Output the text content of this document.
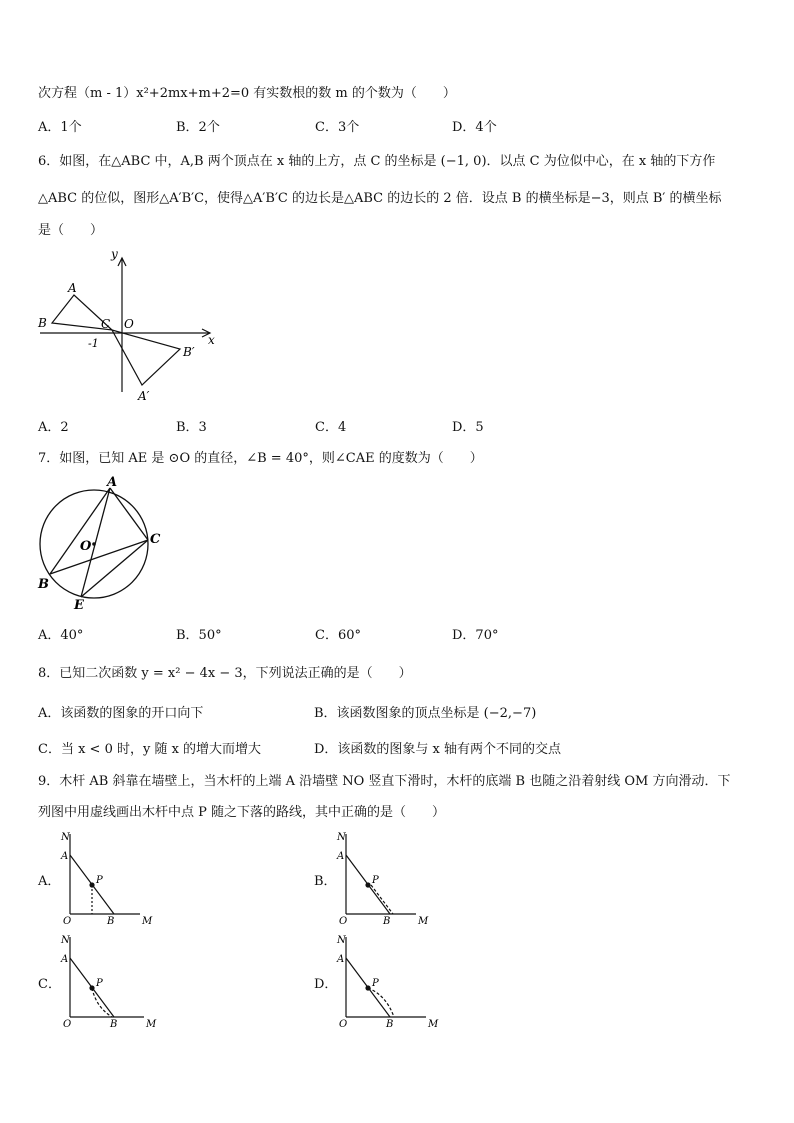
次方程（m - 1）x²+2mx+m+2=0 有实数根的数 m 的个数为（　　）
A．1个	B．2个	C．3个	D．4个
6．如图，在△ABC 中，A,B 两个顶点在 x 轴的上方，点 C 的坐标是 (−1, 0)．以点 C 为位似中心，在 x 轴的下方作
△ABC 的位似，图形△A′B′C，使得△A′B′C 的边长是△ABC 的边长的 2 倍．设点 B 的横坐标是−3，则点 B′ 的横坐标
是（　　）
A
B	C O
x
y
-1
B′
A′
A．2	B．3	C．4	D．5
7．如图，已知 AE 是 ⊙O 的直径，∠B = 40°，则∠CAE 的度数为（　　）
A
B
C
O
E
A．40°	B．50°	C．60°	D．70°
8．已知二次函数 y = x² − 4x − 3，下列说法正确的是（　　）
A．该函数的图象的开口向下	B．该函数图象的顶点坐标是 (−2,−7)
C．当 x < 0 时，y 随 x 的增大而增大	D．该函数的图象与 x 轴有两个不同的交点
9．木杆 AB 斜靠在墙壁上，当木杆的上端 A 沿墙壁 NO 竖直下滑时，木杆的底端 B 也随之沿着射线 OM 方向滑动．下
列图中用虚线画出木杆中点 P 随之下落的路线，其中正确的是（　　）
A．	B．
C．	D．
N
A
P
O	B	M
N
A
P
O	B	M
N
A
P
O	B	M
N
A
P
O	B	M
